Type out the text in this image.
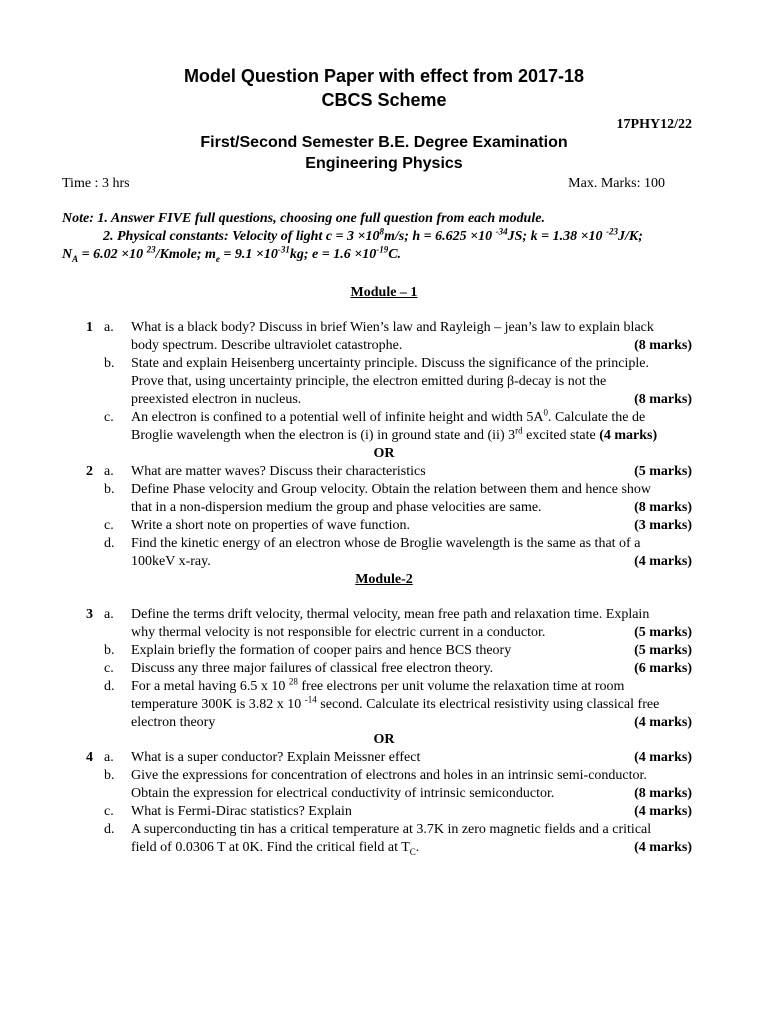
Model Question Paper with effect from 2017-18
CBCS Scheme
17PHY12/22
First/Second Semester B.E. Degree Examination
Engineering Physics
Time : 3 hrs	Max. Marks: 100
Note: 1. Answer FIVE full questions, choosing one full question from each module.
2. Physical constants: Velocity of light $c = 3 \times 10^8m/s$; h = 6.625 ×10 $^{-34}$JS; k = 1.38 ×10 $^{-23}$J/K;
$N_A = 6.02 \times 10$ $^{23}$/Kmole; $m_e = 9.1 \times 10^{-31}kg$; $e = 1.6 \times 10^{-19}C$.
Module – 1
1 a. What is a black body? Discuss in brief Wien’s law and Rayleigh – jean’s law to explain black
body spectrum. Describe ultraviolet catastrophe.	(8 marks)
b. State and explain Heisenberg uncertainty principle. Discuss the significance of the principle.
Prove that, using uncertainty principle, the electron emitted during β-decay is not the
preexisted electron in nucleus.	(8 marks)
c. An electron is confined to a potential well of infinite height and width $5A^0$. Calculate the de
Broglie wavelength when the electron is (i) in ground state and (ii) 3rd excited state (4 marks)
OR
2 a. What are matter waves? Discuss their characteristics	(5 marks)
b. Define Phase velocity and Group velocity. Obtain the relation between them and hence show
that in a non-dispersion medium the group and phase velocities are same.	(8 marks)
c. Write a short note on properties of wave function.	(3 marks)
d. Find the kinetic energy of an electron whose de Broglie wavelength is the same as that of a
100keV x-ray.	(4 marks)
Module-2
3 a. Define the terms drift velocity, thermal velocity, mean free path and relaxation time. Explain
why thermal velocity is not responsible for electric current in a conductor.	(5 marks)
b. Explain briefly the formation of cooper pairs and hence BCS theory	(5 marks)
c. Discuss any three major failures of classical free electron theory.	(6 marks)
d. For a metal having 6.5 x 10 $^{28}$ free electrons per unit volume the relaxation time at room
temperature 300K is 3.82 x 10 $^{-14}$ second. Calculate its electrical resistivity using classical free
electron theory	(4 marks)
OR
4 a. What is a super conductor? Explain Meissner effect	(4 marks)
b. Give the expressions for concentration of electrons and holes in an intrinsic semi-conductor.
Obtain the expression for electrical conductivity of intrinsic semiconductor.	(8 marks)
c. What is Fermi-Dirac statistics? Explain	(4 marks)
d. A superconducting tin has a critical temperature at 3.7K in zero magnetic fields and a critical
field of 0.0306 T at 0K. Find the critical field at $T_C$.	(4 marks)
